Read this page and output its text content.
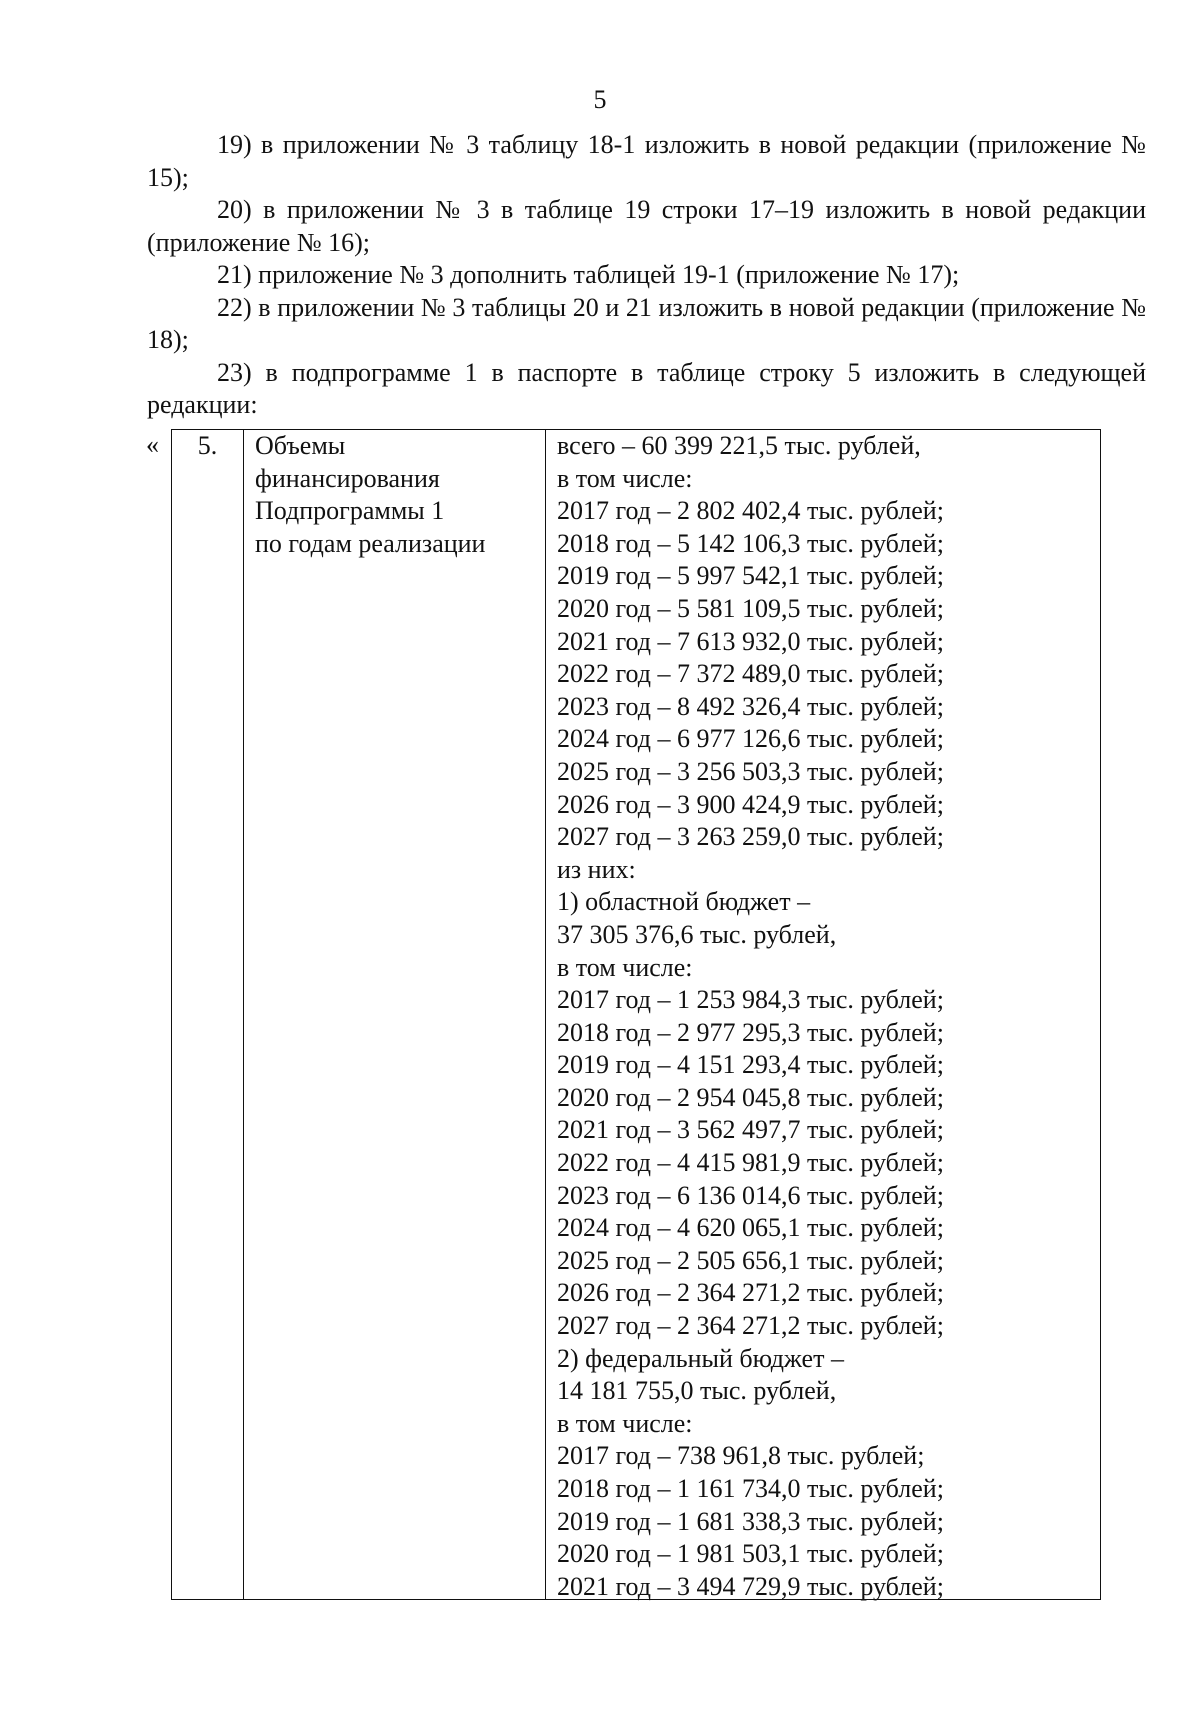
5

19) в приложении № 3 таблицу 18-1 изложить в новой редакции (приложение № 15);

20) в приложении № 3 в таблице 19 строки 17–19 изложить в новой редакции (приложение № 16);

21) приложение № 3 дополнить таблицей 19-1 (приложение № 17);

22) в приложении № 3 таблицы 20 и 21 изложить в новой редакции (приложение № 18);

23) в подпрограмме 1 в паспорте в таблице строку 5 изложить в следующей редакции:

«	5.	Объемы
финансирования
Подпрограммы 1
по годам реализации
всего – 60 399 221,5 тыс. рублей,
в том числе:
2017 год – 2 802 402,4 тыс. рублей;
2018 год – 5 142 106,3 тыс. рублей;
2019 год – 5 997 542,1 тыс. рублей;
2020 год – 5 581 109,5 тыс. рублей;
2021 год – 7 613 932,0 тыс. рублей;
2022 год – 7 372 489,0 тыс. рублей;
2023 год – 8 492 326,4 тыс. рублей;
2024 год – 6 977 126,6 тыс. рублей;
2025 год – 3 256 503,3 тыс. рублей;
2026 год – 3 900 424,9 тыс. рублей;
2027 год – 3 263 259,0 тыс. рублей;
из них:
1) областной бюджет –
37 305 376,6 тыс. рублей,
в том числе:
2017 год – 1 253 984,3 тыс. рублей;
2018 год – 2 977 295,3 тыс. рублей;
2019 год – 4 151 293,4 тыс. рублей;
2020 год – 2 954 045,8 тыс. рублей;
2021 год – 3 562 497,7 тыс. рублей;
2022 год – 4 415 981,9 тыс. рублей;
2023 год – 6 136 014,6 тыс. рублей;
2024 год – 4 620 065,1 тыс. рублей;
2025 год – 2 505 656,1 тыс. рублей;
2026 год – 2 364 271,2 тыс. рублей;
2027 год – 2 364 271,2 тыс. рублей;
2) федеральный бюджет –
14 181 755,0 тыс. рублей,
в том числе:
2017 год – 738 961,8 тыс. рублей;
2018 год – 1 161 734,0 тыс. рублей;
2019 год – 1 681 338,3 тыс. рублей;
2020 год – 1 981 503,1 тыс. рублей;
2021 год – 3 494 729,9 тыс. рублей;
